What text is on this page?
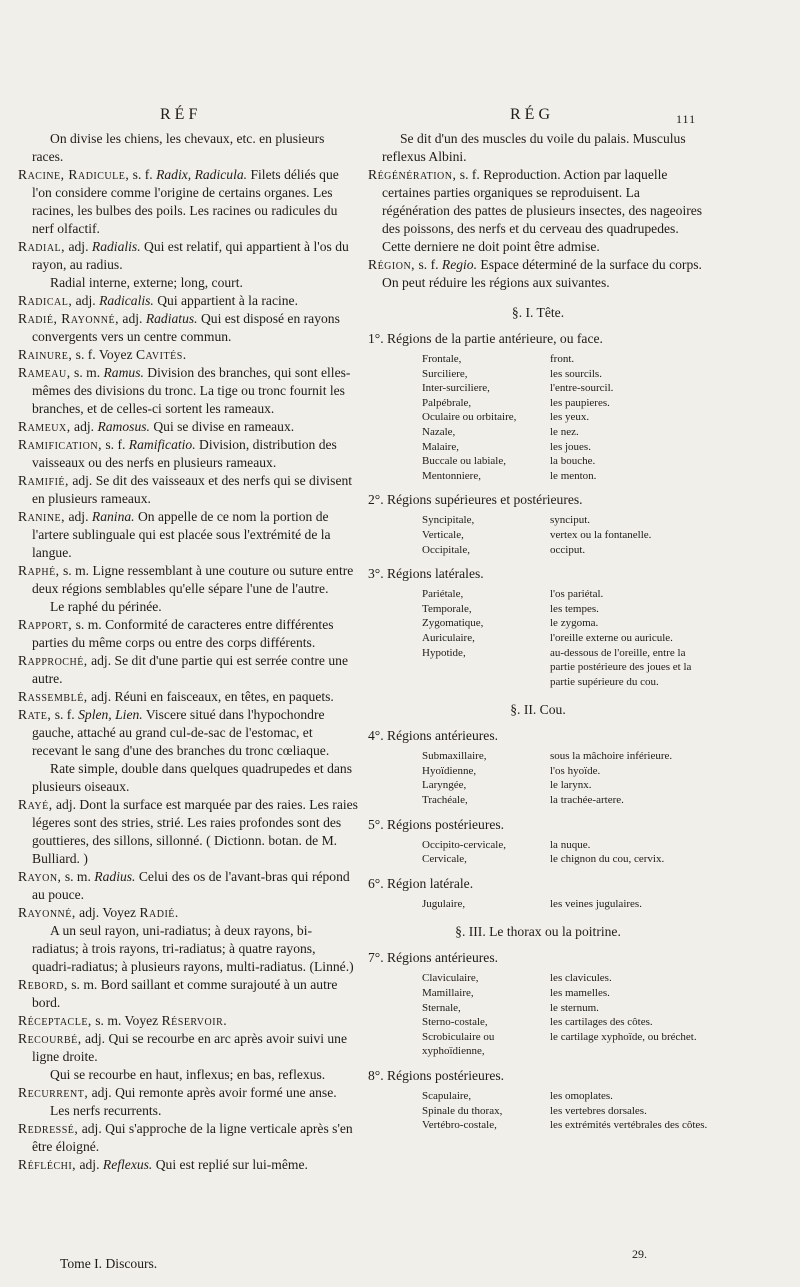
RÉF	RÉG	111

On divise les chiens, les chevaux, etc. en plusieurs races.

Racine, Radicule, s. f. Radix, Radicula. Filets déliés que l'on considere comme l'origine de certains organes. Les racines, les bulbes des poils. Les racines ou radicules du nerf olfactif.

Radial, adj. Radialis. Qui est relatif, qui appartient à l'os du rayon, au radius.

Radial interne, externe; long, court.

Radical, adj. Radicalis. Qui appartient à la racine.

Radié, Rayonné, adj. Radiatus. Qui est disposé en rayons convergents vers un centre commun.

Rainure, s. f. Voyez Cavités.

Rameau, s. m. Ramus. Division des branches, qui sont elles-mêmes des divisions du tronc. La tige ou tronc fournit les branches, et de celles-ci sortent les rameaux.

Rameux, adj. Ramosus. Qui se divise en rameaux.

Ramification, s. f. Ramificatio. Division, distribution des vaisseaux ou des nerfs en plusieurs rameaux.

Ramifié, adj. Se dit des vaisseaux et des nerfs qui se divisent en plusieurs rameaux.

Ranine, adj. Ranina. On appelle de ce nom la portion de l'artere sublinguale qui est placée sous l'extrémité de la langue.

Raphé, s. m. Ligne ressemblant à une couture ou suture entre deux régions semblables qu'elle sépare l'une de l'autre.

Le raphé du périnée.

Rapport, s. m. Conformité de caracteres entre différentes parties du même corps ou entre des corps différents.

Rapproché, adj. Se dit d'une partie qui est serrée contre une autre.

Rassemblé, adj. Réuni en faisceaux, en têtes, en paquets.

Rate, s. f. Splen, Lien. Viscere situé dans l'hypochondre gauche, attaché au grand cul-de-sac de l'estomac, et recevant le sang d'une des branches du tronc cœliaque.

Rate simple, double dans quelques quadrupedes et dans plusieurs oiseaux.

Rayé, adj. Dont la surface est marquée par des raies. Les raies légeres sont des stries, strié. Les raies profondes sont des gouttieres, des sillons, sillonné. ( Dictionn. botan. de M. Bulliard. )

Rayon, s. m. Radius. Celui des os de l'avant-bras qui répond au pouce.

Rayonné, adj. Voyez Radié.

A un seul rayon, uni-radiatus; à deux rayons, bi-radiatus; à trois rayons, tri-radiatus; à quatre rayons, quadri-radiatus; à plusieurs rayons, multi-radiatus. (Linné.)

Rebord, s. m. Bord saillant et comme surajouté à un autre bord.

Réceptacle, s. m. Voyez Réservoir.

Recourbé, adj. Qui se recourbe en arc après avoir suivi une ligne droite.

Qui se recourbe en haut, inflexus; en bas, reflexus.

Recurrent, adj. Qui remonte après avoir formé une anse.

Les nerfs recurrents.

Redressé, adj. Qui s'approche de la ligne verticale après s'en être éloigné.

Réfléchi, adj. Reflexus. Qui est replié sur lui-même.

Se dit d'un des muscles du voile du palais. Musculus reflexus Albini.

Régénération, s. f. Reproduction. Action par laquelle certaines parties organiques se reproduisent. La régénération des pattes de plusieurs insectes, des nageoires des poissons, des nerfs et du cerveau des quadrupedes. Cette derniere ne doit point être admise.

Région, s. f. Regio. Espace déterminé de la surface du corps. On peut réduire les régions aux suivantes.

§. I. Tête.
1°. Régions de la partie antérieure, ou face.
Frontale,	front.
Surciliere,	les sourcils.
Inter-surciliere,	l'entre-sourcil.
Palpébrale,	les paupieres.
Oculaire ou orbitaire,	les yeux.
Nazale,	le nez.
Malaire,	les joues.
Buccale ou labiale,	la bouche.
Mentonniere,	le menton.
2°. Régions supérieures et postérieures.
Syncipitale,	synciput.
Verticale,	vertex ou la fontanelle.
Occipitale,	occiput.
3°. Régions latérales.
Pariétale,	l'os pariétal.
Temporale,	les tempes.
Zygomatique,	le zygoma.
Auriculaire,	l'oreille externe ou auricule.
Hypotide,	au-dessous de l'oreille, entre la partie postérieure des joues et la partie supérieure du cou.
§. II. Cou.
4°. Régions antérieures.
Submaxillaire,	sous la mâchoire inférieure.
Hyoïdienne,	l'os hyoïde.
Laryngée,	le larynx.
Trachéale,	la trachée-artere.
5°. Régions postérieures.
Occipito-cervicale,	la nuque.
Cervicale,	le chignon du cou, cervix.
6°. Région latérale.
Jugulaire,	les veines jugulaires.
§. III. Le thorax ou la poitrine.
7°. Régions antérieures.
Claviculaire,	les clavicules.
Mamillaire,	les mamelles.
Sternale,	le sternum.
Sterno-costale,	les cartilages des côtes.
Scrobiculaire ou xyphoïdienne,	le cartilage xyphoïde, ou bréchet.
8°. Régions postérieures.
Scapulaire,	les omoplates.
Spinale du thorax,	les vertebres dorsales.
Vertébro-costale,	les extrémités vertébrales des côtes.
Tome I. Discours.
29.
